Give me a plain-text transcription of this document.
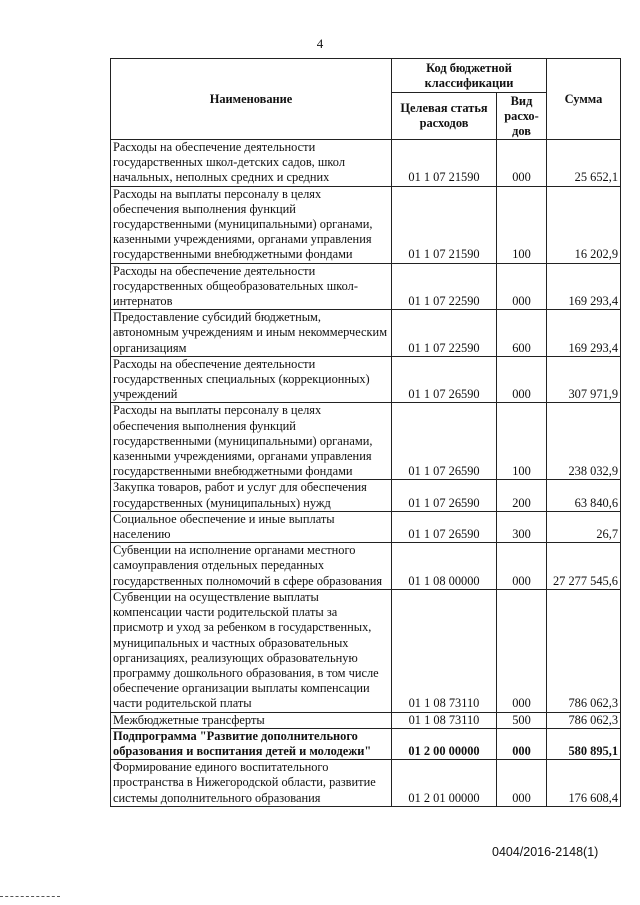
4
Наименование	Код бюджетной классификации		Сумма
	Целевая статья расходов	Вид расхо-дов	
Расходы на обеспечение деятельности государственных школ-детских садов, школ начальных, неполных средних и средних	01 1 07 21590	000	25 652,1
Расходы на выплаты персоналу в целях обеспечения выполнения функций государственными (муниципальными) органами, казенными учреждениями, органами управления государственными внебюджетными фондами	01 1 07 21590	100	16 202,9
Расходы на обеспечение деятельности государственных общеобразовательных школ-интернатов	01 1 07 22590	000	169 293,4
Предоставление субсидий бюджетным, автономным учреждениям и иным некоммерческим организациям	01 1 07 22590	600	169 293,4
Расходы на обеспечение деятельности государственных специальных (коррекционных) учреждений	01 1 07 26590	000	307 971,9
Расходы на выплаты персоналу в целях обеспечения выполнения функций государственными (муниципальными) органами, казенными учреждениями, органами управления государственными внебюджетными фондами	01 1 07 26590	100	238 032,9
Закупка товаров, работ и услуг для обеспечения государственных (муниципальных) нужд	01 1 07 26590	200	63 840,6
Социальное обеспечение и иные выплаты населению	01 1 07 26590	300	26,7
Субвенции на исполнение органами местного самоуправления отдельных переданных государственных полномочий в сфере образования	01 1 08 00000	000	27 277 545,6
Субвенции на осуществление выплаты компенсации части родительской платы за присмотр и уход за ребенком в государственных, муниципальных и частных образовательных организациях, реализующих образовательную программу дошкольного образования, в том числе обеспечение организации выплаты компенсации части родительской платы	01 1 08 73110	000	786 062,3
Межбюджетные трансферты	01 1 08 73110	500	786 062,3
Подпрограмма "Развитие дополнительного образования и воспитания детей и молодежи"	01 2 00 00000	000	580 895,1
Формирование единого воспитательного пространства в Нижегородской области, развитие системы дополнительного образования	01 2 01 00000	000	176 608,4
0404/2016-2148(1)
